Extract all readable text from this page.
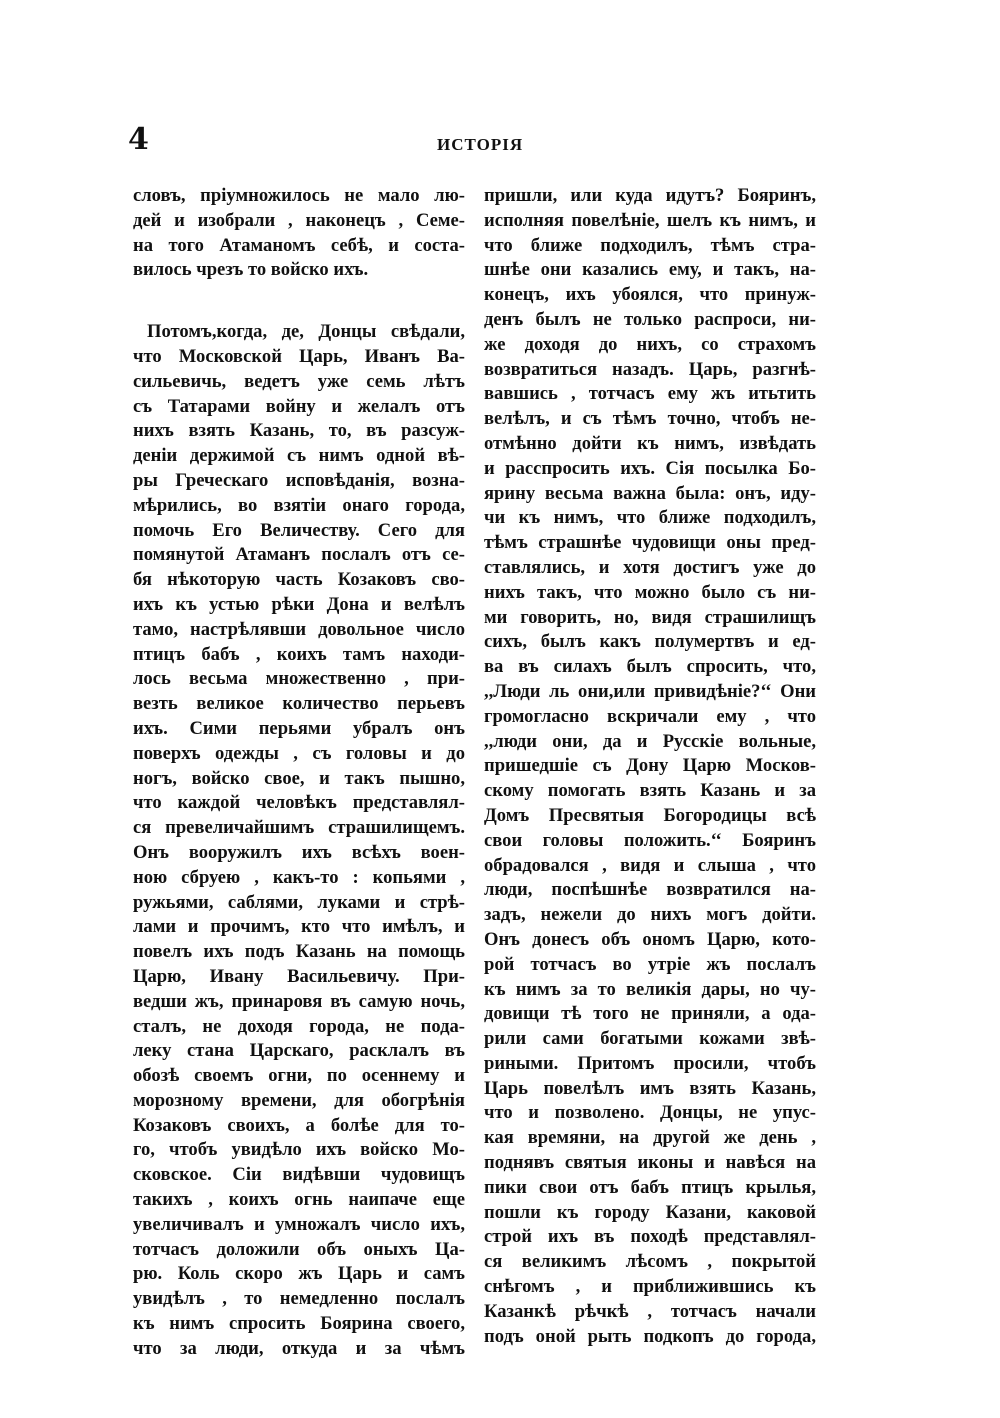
4	ИСТОРІЯ
словъ, пріумножилось не мало лю-
дей и изобрали , наконецъ , Семе-
на того Атаманомъ себѣ, и соста-
вилось чрезъ то войско ихъ.
Потомъ,когда, де, Донцы свѣдали,
что Московской Царь, Иванъ Ва-
сильевичь, ведетъ уже семь лѣтъ
съ Татарами войну и желалъ отъ
нихъ взять Казань, то, въ разсуж-
деніи держимой съ нимъ одной вѣ-
ры Греческаго исповѣданія, возна-
мѣрились, во взятіи онаго города,
помочь Его Величеству. Сего для
помянутой Атаманъ послалъ отъ се-
бя нѣкоторую часть Козаковъ сво-
ихъ къ устью рѣки Дона и велѣлъ
тамо, настрѣлявши довольное число
птицъ бабъ , коихъ тамъ находи-
лось весьма множественно , при-
везть великое количество перьевъ
ихъ. Сими перьями убралъ онъ
поверхъ одежды , съ головы и до
ногъ, войско свое, и такъ пышно,
что каждой человѣкъ представлял-
ся превеличайшимъ страшилищемъ.
Онъ вооружилъ ихъ всѣхъ воен-
ною сбруею , какъ-то : копьями ,
ружьями, саблями, луками и стрѣ-
лами и прочимъ, кто что имѣлъ, и
повелъ ихъ подъ Казань на помощь
Царю, Ивану Васильевичу. При-
ведши жъ, принаровя въ самую ночь,
сталъ, не доходя города, не пода-
леку стана Царскаго, расклалъ въ
обозѣ своемъ огни, по осеннему и
морозному времени, для обогрѣнія
Козаковъ своихъ, а болѣе для то-
го, чтобъ увидѣло ихъ войско Мо-
сковское. Сіи видѣвши чудовищъ
такихъ , коихъ огнь наипаче еще
увеличивалъ и умножалъ число ихъ,
тотчасъ доложили объ оныхъ Ца-
рю. Коль скоро жъ Царь и самъ
увидѣлъ , то немедленно послалъ
къ нимъ спросить Боярина своего,
что за люди, откуда и за чѣмъ
пришли, или куда идутъ? Бояринъ,
исполняя повелѣніе, шелъ къ нимъ, и
что ближе подходилъ, тѣмъ стра-
шнѣе они казались ему, и такъ, на-
конецъ, ихъ убоялся, что принуж-
денъ былъ не только распроси, ни-
же доходя до нихъ, со страхомъ
возвратиться назадъ. Царь, разгнѣ-
вавшись , тотчасъ ему жъ итьтить
велѣлъ, и съ тѣмъ точно, чтобъ не-
отмѣнно дойти къ нимъ, извѣдать
и расспросить ихъ. Сія посылка Бо-
ярину весьма важна была: онъ, иду-
чи къ нимъ, что ближе подходилъ,
тѣмъ страшнѣе чудовищи оны пред-
ставлялись, и хотя достигъ уже до
нихъ такъ, что можно было съ ни-
ми говорить, но, видя страшилищъ
сихъ, былъ какъ полумертвъ и ед-
ва въ силахъ былъ спросить, что,
,,Люди ль они,или привидѣніе?‘‘ Они
громогласно вскричали ему , что
,,люди они, да и Русскіе вольные,
пришедшіе съ Дону Царю Москов-
скому помогать взять Казань и за
Домъ Пресвятыя Богородицы всѣ
свои головы положить.‘‘ Бояринъ
обрадовался , видя и слыша , что
люди, поспѣшнѣе возвратился на-
задъ, нежели до нихъ могъ дойти.
Онъ донесъ объ ономъ Царю, кото-
рой тотчасъ во утріе жъ послалъ
къ нимъ за то великія дары, но чу-
довищи тѣ того не приняли, а ода-
рили сами богатыми кожами звѣ-
риными. Притомъ просили, чтобъ
Царь повелѣлъ имъ взять Казань,
что и позволено. Донцы, не упус-
кая времяни, на другой же день ,
поднявъ святыя иконы и навѣся на
пики свои отъ бабъ птицъ крылья,
пошли къ городу Казани, каковой
строй ихъ въ походѣ представлял-
ся великимъ лѣсомъ , покрытой
снѣгомъ , и приближившись къ
Казанкѣ рѣчкѣ , тотчасъ начали
подъ оной рыть подкопъ до города,
